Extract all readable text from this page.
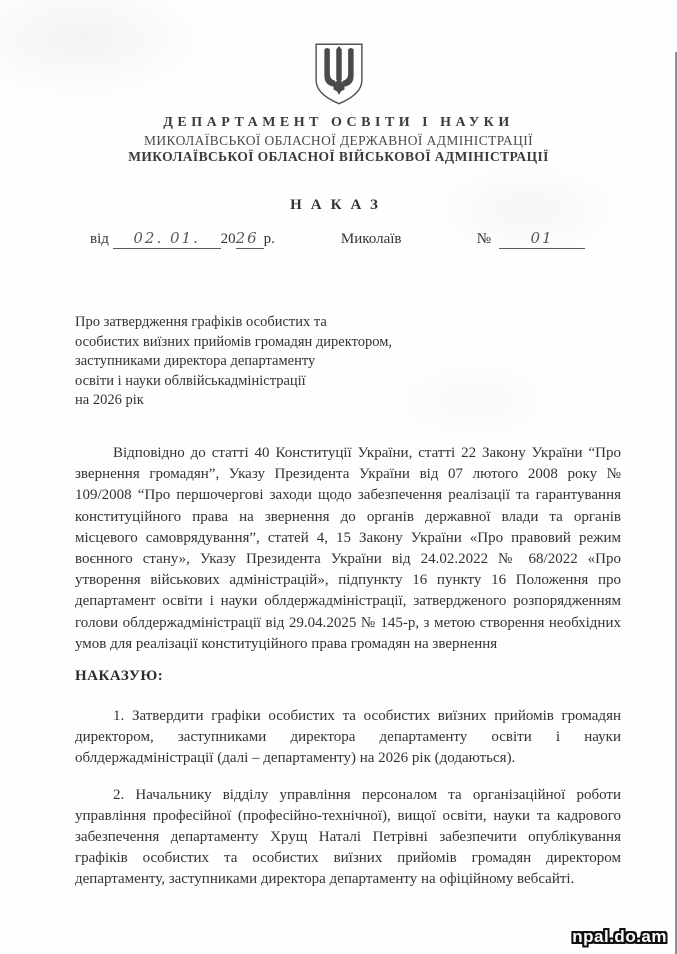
ДЕПАРТАМЕНТ ОСВІТИ І НАУКИ
МИКОЛАЇВСЬКОЇ ОБЛАСНОЇ ДЕРЖАВНОЇ АДМІНІСТРАЦІЇ
МИКОЛАЇВСЬКОЇ ОБЛАСНОЇ ВІЙСЬКОВОЇ АДМІНІСТРАЦІЇ
НАКАЗ
від
	02. 01.	20 26 р.	Миколаїв	№	01
Про затвердження графіків особистих та
особистих виїзних прийомів громадян директором,
заступниками директора департаменту
освіти і науки облвійськадміністрації
на 2026 рік
Відповідно до статті 40 Конституції України, статті 22 Закону України “Про звернення громадян”, Указу Президента України від 07 лютого 2008 року № 109/2008 “Про першочергові заходи щодо забезпечення реалізації та гарантування конституційного права на звернення до органів державної влади та органів місцевого самоврядування”, статей 4, 15 Закону України «Про правовий режим воєнного стану», Указу Президента України від 24.02.2022 № 68/2022 «Про утворення військових адміністрацій», підпункту 16 пункту 16 Положення про департамент освіти і науки облдержадміністрації, затвердженого розпорядженням голови облдержадміністрації від 29.04.2025 № 145-р, з метою створення необхідних умов для реалізації конституційного права громадян на звернення
НАКАЗУЮ:
1. Затвердити графіки особистих та особистих виїзних прийомів громадян директором, заступниками директора департаменту освіти і науки облдержадміністрації (далі – департаменту) на 2026 рік (додаються).
2. Начальнику відділу управління персоналом та організаційної роботи управління професійної (професійно-технічної), вищої освіти, науки та кадрового забезпечення департаменту Хрущ Наталі Петрівні забезпечити опублікування графіків особистих та особистих виїзних прийомів громадян директором департаменту, заступниками директора департаменту на офіційному вебсайті.
npal.do.am
